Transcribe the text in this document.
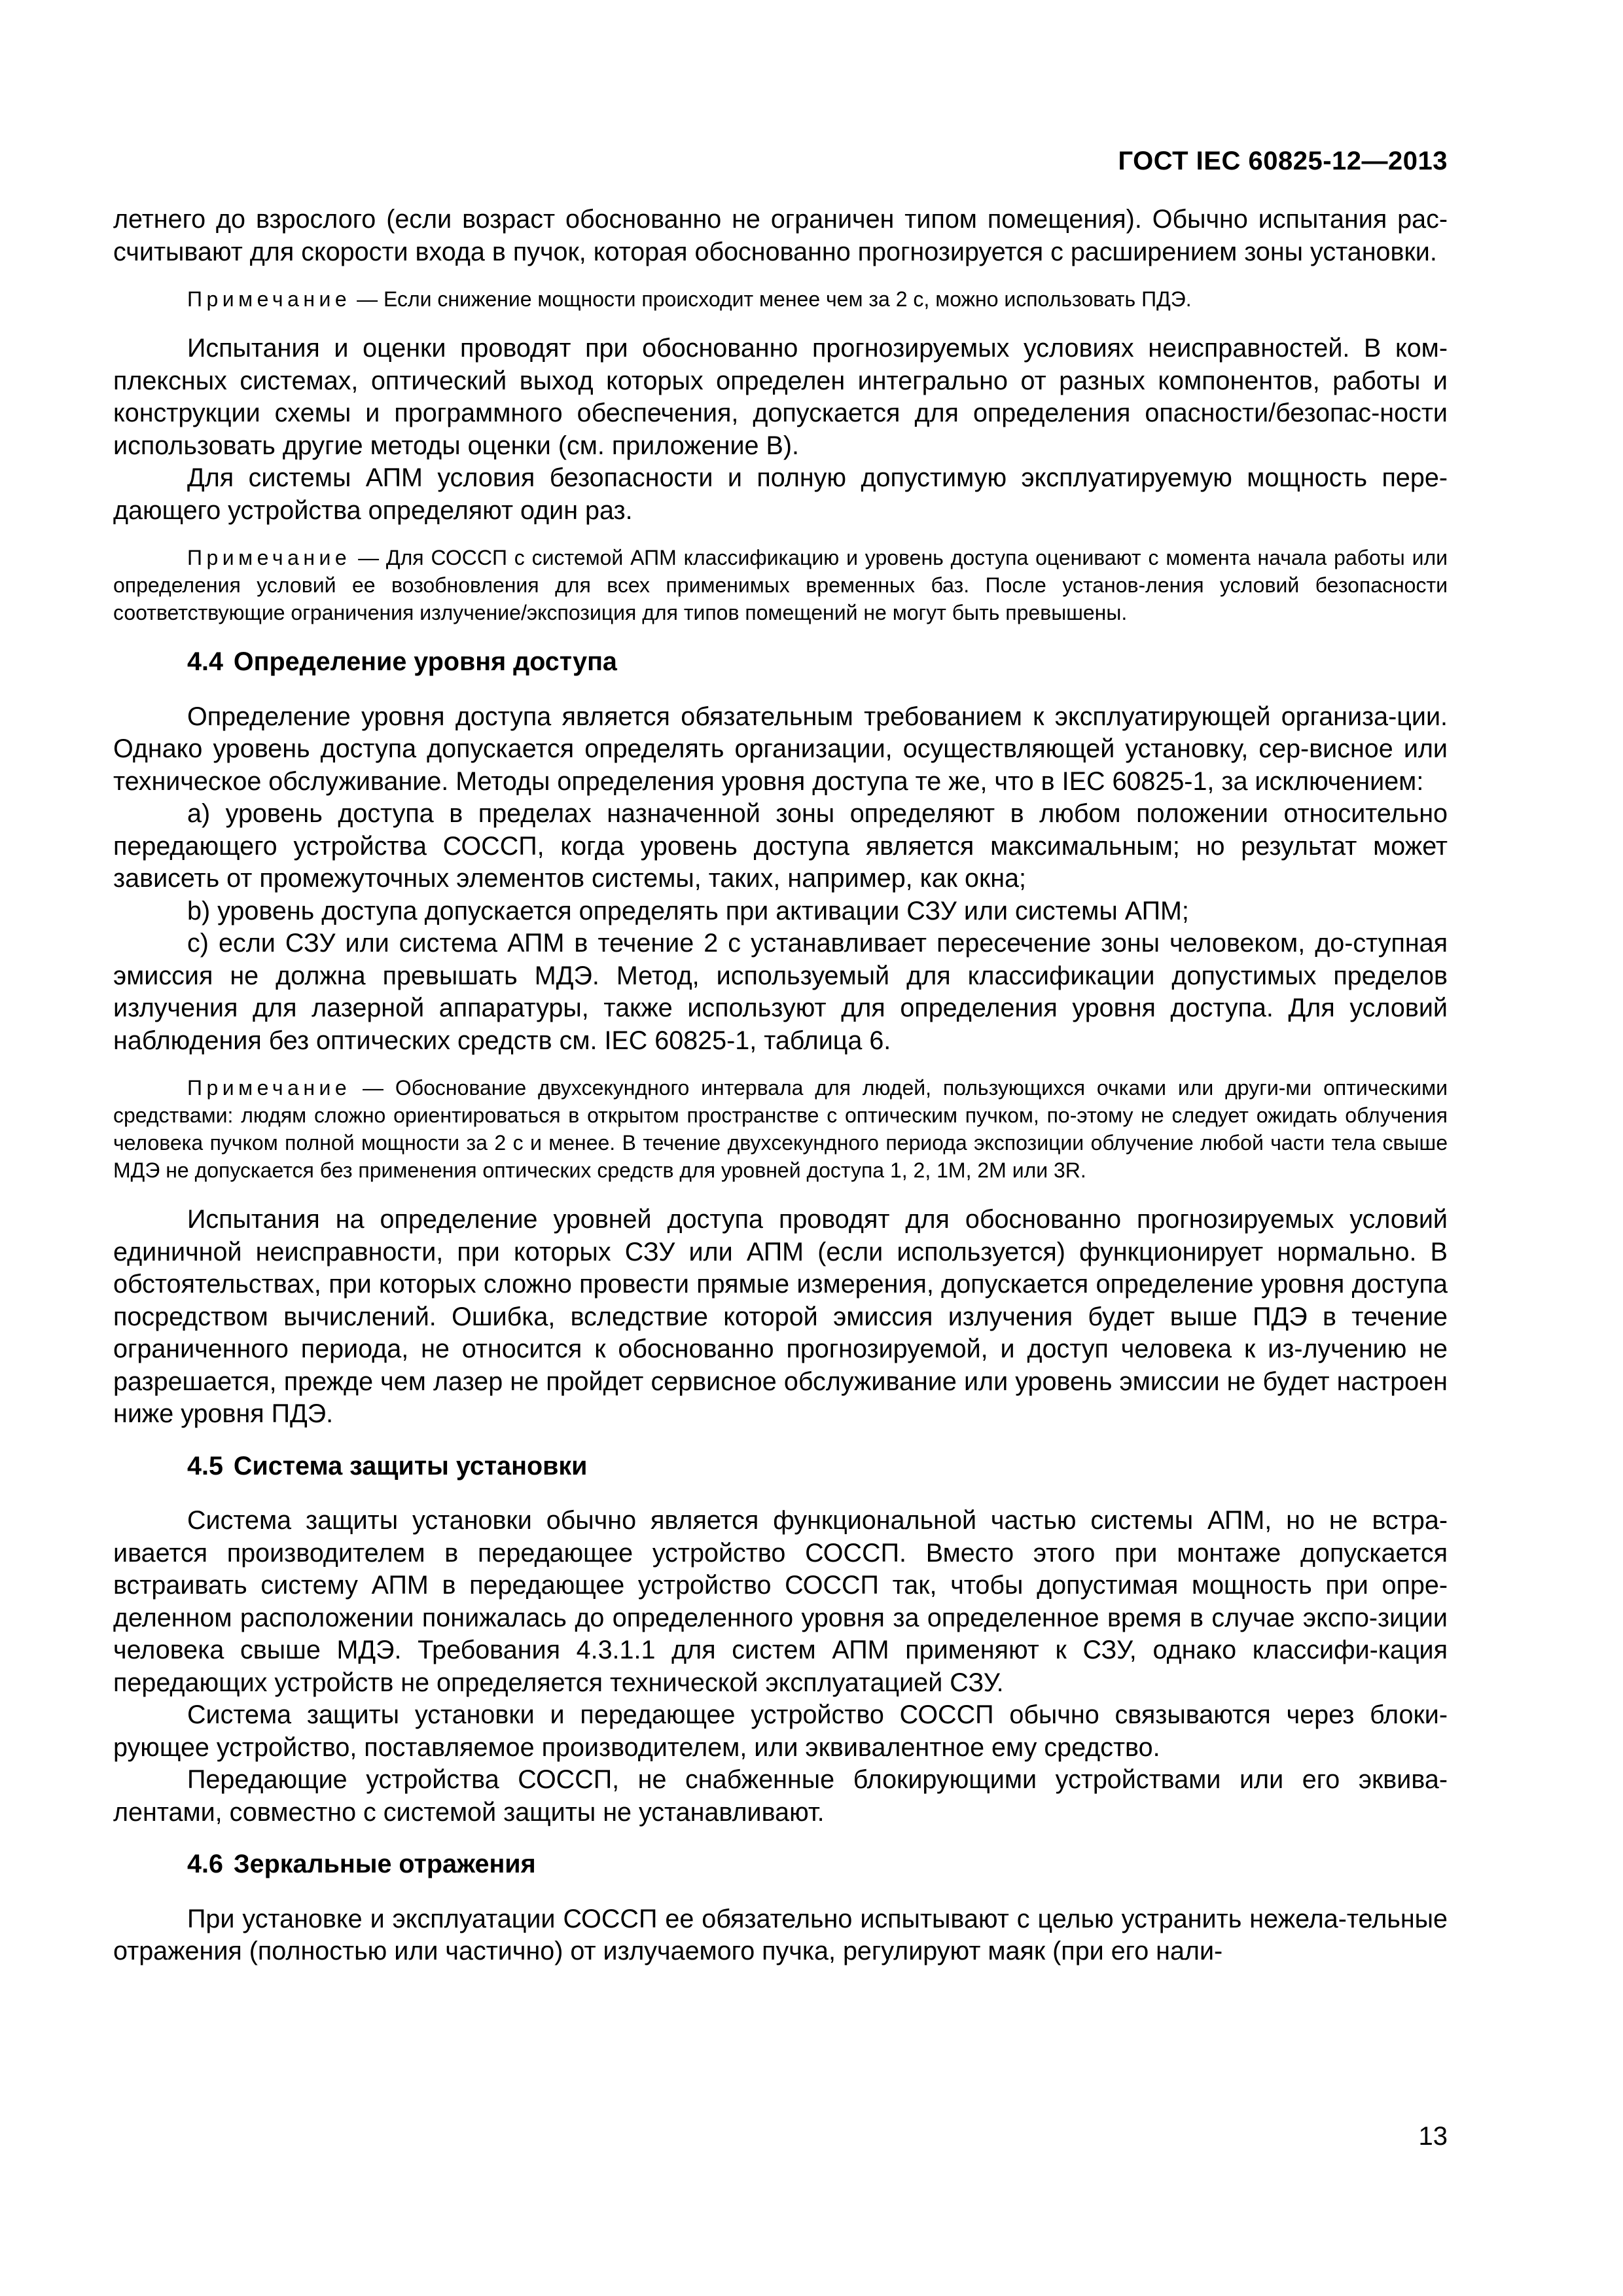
ГОСТ IEC 60825-12—2013

летнего до взрослого (если возраст обоснованно не ограничен типом помещения). Обычно испытания рас-считывают для скорости входа в пучок, которая обоснованно прогнозируется с расширением зоны установки.

Примечание — Если снижение мощности происходит менее чем за 2 с, можно использовать ПДЭ.

Испытания и оценки проводят при обоснованно прогнозируемых условиях неисправностей. В ком-плексных системах, оптический выход которых определен интегрально от разных компонентов, работы и конструкции схемы и программного обеспечения, допускается для определения опасности/безопас-ности использовать другие методы оценки (см. приложение В).

Для системы АПМ условия безопасности и полную допустимую эксплуатируемую мощность пере-дающего устройства определяют один раз.

Примечание — Для СОССП с системой АПМ классификацию и уровень доступа оценивают с момента начала работы или определения условий ее возобновления для всех применимых временных баз. После установ-ления условий безопасности соответствующие ограничения излучение/экспозиция для типов помещений не могут быть превышены.

4.4 Определение уровня доступа

Определение уровня доступа является обязательным требованием к эксплуатирующей организа-ции. Однако уровень доступа допускается определять организации, осуществляющей установку, сер-висное или техническое обслуживание. Методы определения уровня доступа те же, что в IEC 60825-1, за исключением:

а) уровень доступа в пределах назначенной зоны определяют в любом положении относительно передающего устройства СОССП, когда уровень доступа является максимальным; но результат может зависеть от промежуточных элементов системы, таких, например, как окна;

b) уровень доступа допускается определять при активации СЗУ или системы АПМ;

с) если СЗУ или система АПМ в течение 2 с устанавливает пересечение зоны человеком, до-ступная эмиссия не должна превышать МДЭ. Метод, используемый для классификации допустимых пределов излучения для лазерной аппаратуры, также используют для определения уровня доступа. Для условий наблюдения без оптических средств см. IEC 60825-1, таблица 6.

Примечание — Обоснование двухсекундного интервала для людей, пользующихся очками или други-ми оптическими средствами: людям сложно ориентироваться в открытом пространстве с оптическим пучком, по-этому не следует ожидать облучения человека пучком полной мощности за 2 с и менее. В течение двухсекундного периода экспозиции облучение любой части тела свыше МДЭ не допускается без применения оптических средств для уровней доступа 1, 2, 1М, 2М или 3R.

Испытания на определение уровней доступа проводят для обоснованно прогнозируемых условий единичной неисправности, при которых СЗУ или АПМ (если используется) функционирует нормально. В обстоятельствах, при которых сложно провести прямые измерения, допускается определение уровня доступа посредством вычислений. Ошибка, вследствие которой эмиссия излучения будет выше ПДЭ в течение ограниченного периода, не относится к обоснованно прогнозируемой, и доступ человека к из-лучению не разрешается, прежде чем лазер не пройдет сервисное обслуживание или уровень эмиссии не будет настроен ниже уровня ПДЭ.

4.5 Система защиты установки

Система защиты установки обычно является функциональной частью системы АПМ, но не встра-ивается производителем в передающее устройство СОССП. Вместо этого при монтаже допускается встраивать систему АПМ в передающее устройство СОССП так, чтобы допустимая мощность при опре-деленном расположении понижалась до определенного уровня за определенное время в случае экспо-зиции человека свыше МДЭ. Требования 4.3.1.1 для систем АПМ применяют к СЗУ, однако классифи-кация передающих устройств не определяется технической эксплуатацией СЗУ.

Система защиты установки и передающее устройство СОССП обычно связываются через блоки-рующее устройство, поставляемое производителем, или эквивалентное ему средство.

Передающие устройства СОССП, не снабженные блокирующими устройствами или его эквива-лентами, совместно с системой защиты не устанавливают.

4.6 Зеркальные отражения

При установке и эксплуатации СОССП ее обязательно испытывают с целью устранить нежела-тельные отражения (полностью или частично) от излучаемого пучка, регулируют маяк (при его нали-

13
